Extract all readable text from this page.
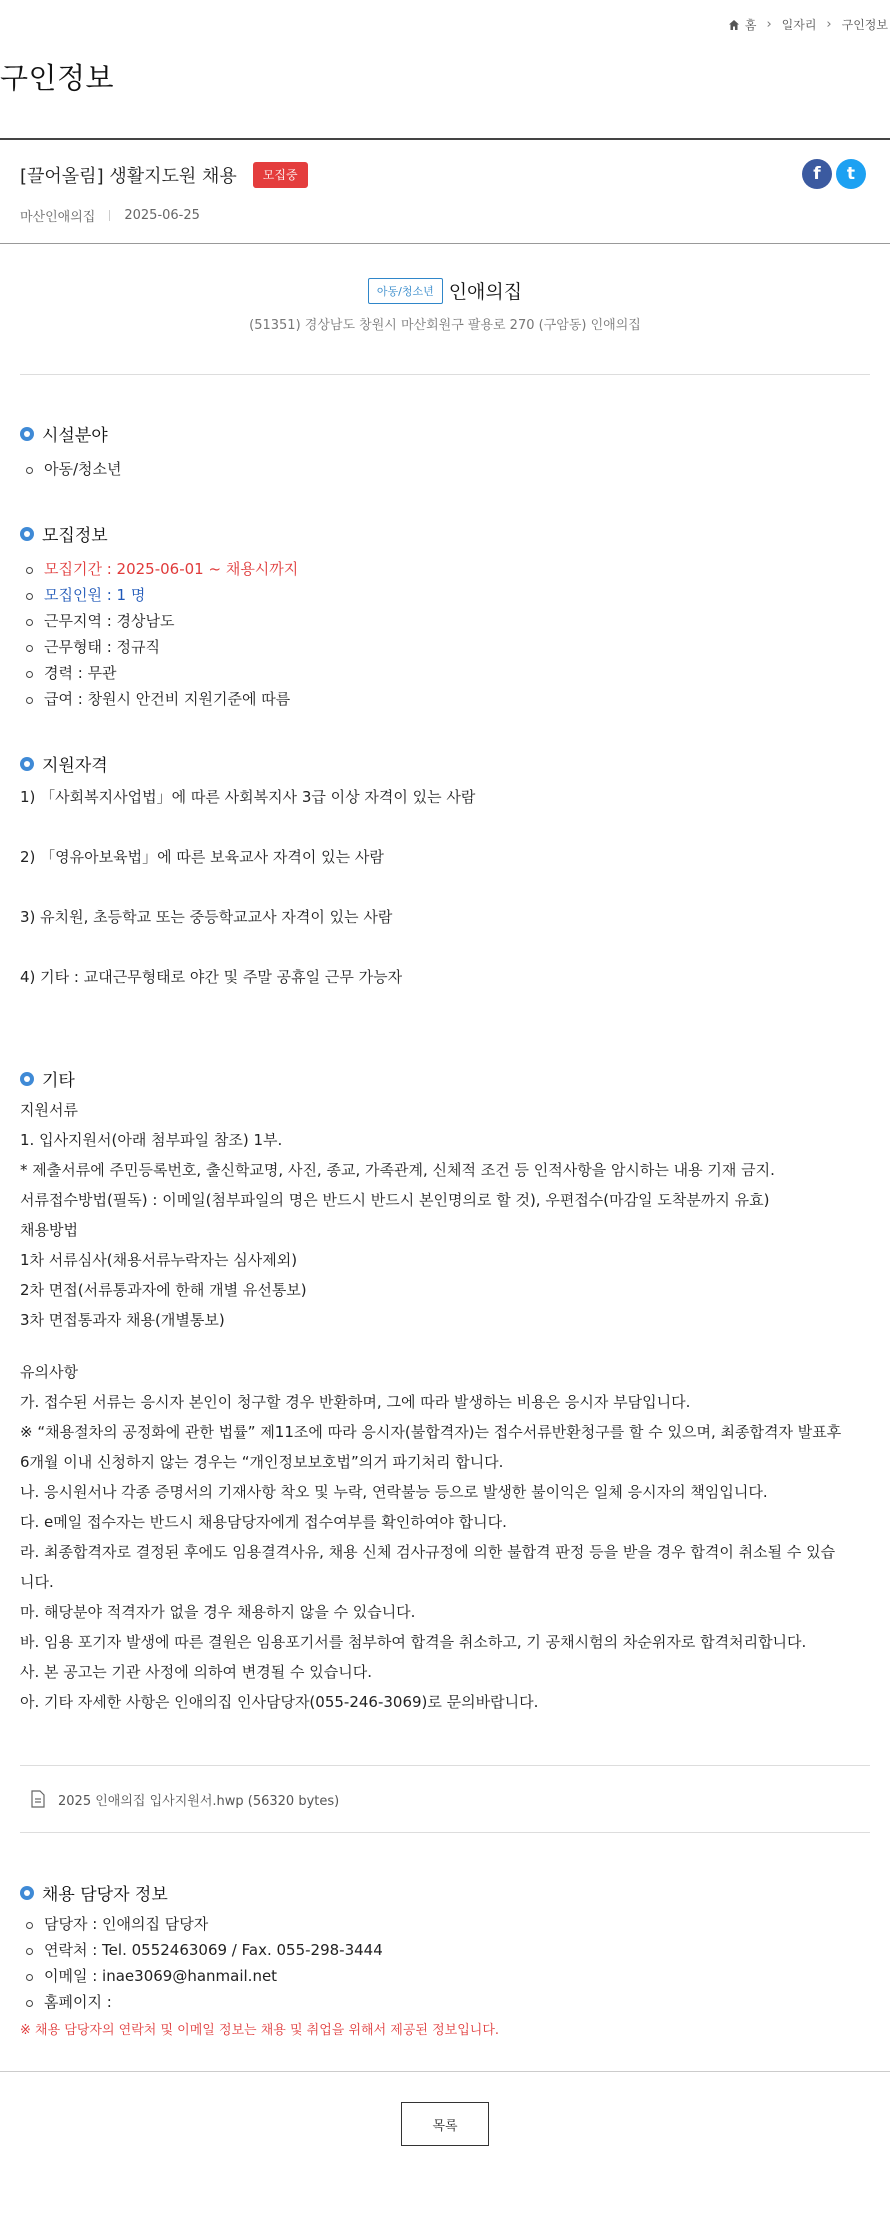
홈 › 일자리 › 구인정보
구인정보
[끌어올림] 생활지도원 채용	모집중
마산인애의집 2025-06-25
f	t
아동/청소년 인애의집
(51351) 경상남도 창원시 마산회원구 팔용로 270 (구암동) 인애의집
시설분야
아동/청소년
모집정보
모집기간 : 2025-06-01 ~ 채용시까지
모집인원 : 1 명
근무지역 : 경상남도
근무형태 : 정규직
경력 : 무관
급여 : 창원시 안건비 지원기준에 따름
지원자격
1) 「사회복지사업법」에 따른 사회복지사 3급 이상 자격이 있는 사람
2) 「영유아보육법」에 따른 보육교사 자격이 있는 사람
3) 유치원, 초등학교 또는 중등학교교사 자격이 있는 사람
4) 기타 : 교대근무형태로 야간 및 주말 공휴일 근무 가능자
기타
지원서류
1. 입사지원서(아래 첨부파일 참조) 1부.
* 제출서류에 주민등록번호, 출신학교명, 사진, 종교, 가족관계, 신체적 조건 등 인적사항을 암시하는 내용 기재 금지.
서류접수방법(필독) : 이메일(첨부파일의 명은 반드시 반드시 본인명의로 할 것), 우편접수(마감일 도착분까지 유효)
채용방법
1차 서류심사(채용서류누락자는 심사제외)
2차 면접(서류통과자에 한해 개별 유선통보)
3차 면접통과자 채용(개별통보)
유의사항
가. 접수된 서류는 응시자 본인이 청구할 경우 반환하며, 그에 따라 발생하는 비용은 응시자 부담입니다.
※ “채용절차의 공정화에 관한 법률” 제11조에 따라 응시자(불합격자)는 접수서류반환청구를 할 수 있으며, 최종합격자 발표후
6개월 이내 신청하지 않는 경우는 “개인정보보호법”의거 파기처리 합니다.
나. 응시원서나 각종 증명서의 기재사항 착오 및 누락, 연락불능 등으로 발생한 불이익은 일체 응시자의 책임입니다.
다. e메일 접수자는 반드시 채용담당자에게 접수여부를 확인하여야 합니다.
라. 최종합격자로 결정된 후에도 임용결격사유, 채용 신체 검사규정에 의한 불합격 판정 등을 받을 경우 합격이 취소될 수 있습
니다.
마. 해당분야 적격자가 없을 경우 채용하지 않을 수 있습니다.
바. 임용 포기자 발생에 따른 결원은 임용포기서를 첨부하여 합격을 취소하고, 기 공채시험의 차순위자로 합격처리합니다.
사. 본 공고는 기관 사정에 의하여 변경될 수 있습니다.
아. 기타 자세한 사항은 인애의집 인사담당자(055-246-3069)로 문의바랍니다.
2025 인애의집 입사지원서.hwp (56320 bytes)
채용 담당자 정보
담당자 : 인애의집 담당자
연락처 : Tel. 0552463069 / Fax. 055-298-3444
이메일 : inae3069@hanmail.net
홈페이지 :
※ 채용 담당자의 연락처 및 이메일 정보는 채용 및 취업을 위해서 제공된 정보입니다.
목록
